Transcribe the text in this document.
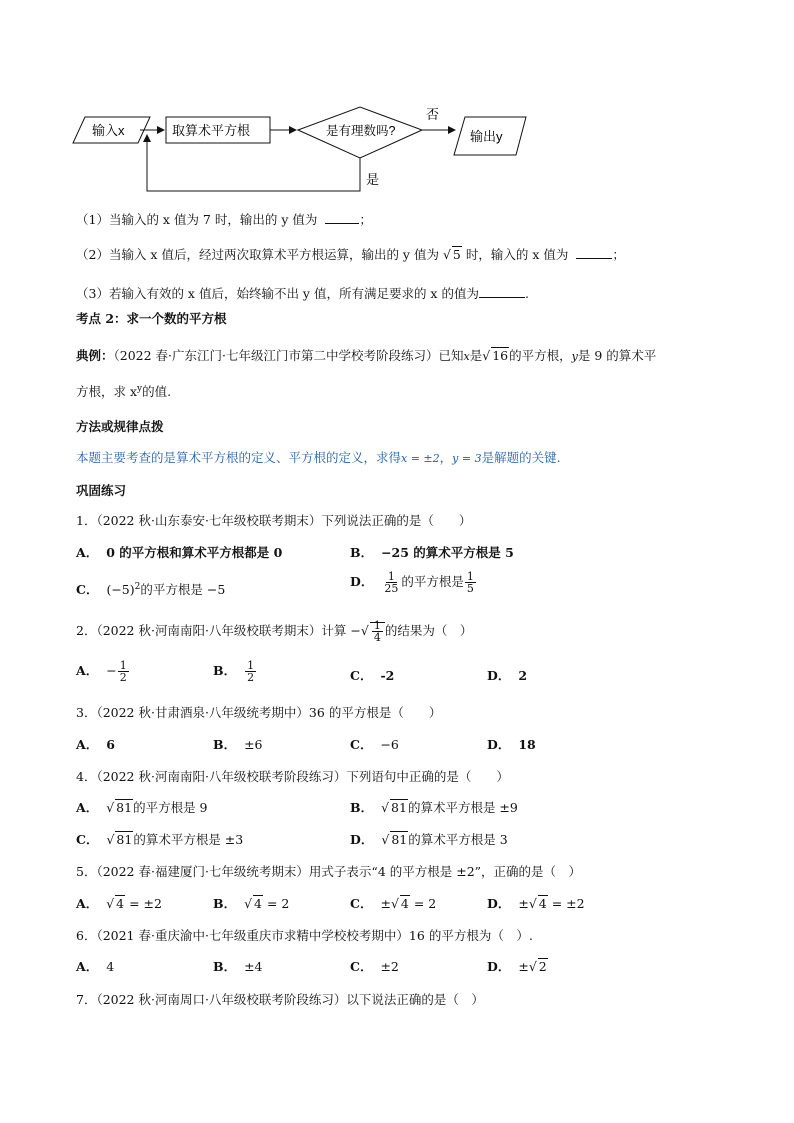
输入x	取算术平方根	是有理数吗?
否
输出y
是
（1）当输入的 x 值为 7 时，输出的 y 值为	；
（2）当输入 x 值后，经过两次取算术平方根运算，输出的 y 值为 √ 5 时，输入的 x 值为	；
（3）若输入有效的 x 值后，始终输不出 y 值，所有满足要求的 x 的值为	.
考点 2：求一个数的平方根
典例：（2022 春·广东江门·七年级江门市第二中学校考阶段练习）已知x是√ 16的平方根，y是 9 的算术平
方根，求 $x^y$的值.
方法或规律点拨
本题主要考查的是算术平方根的定义、平方根的定义，求得x = ±2，y = 3是解题的关键.
巩固练习
1．（2022 秋·山东泰安·七年级校联考期末）下列说法正确的是（　　）
A． 0 的平方根和算术平方根都是 0	B． −25 的算术平方根是 5
C． $(-5)^2$的平方根是 −5
D． $\frac{1}{25}$ 的平方根是 $\frac{1}{5}$
2．（2022 秋·河南南阳·八年级校联考期末）计算 −√ $\frac{1}{4}$ 的结果为（　）
A． − $\frac{1}{2}$	B． $\frac{1}{2}$	C． -2	D． 2
3．（2022 秋·甘肃酒泉·八年级统考期中）36 的平方根是（　　）
A． 6	B． ±6	C． −6	D． 18
4．（2022 秋·河南南阳·八年级校联考阶段练习）下列语句中正确的是（　　）
A． √ 81的平方根是 9	B． √ 81的算术平方根是 ±9
C． √ 81的算术平方根是 ±3	D． √ 81的算术平方根是 3
5．（2022 春·福建厦门·七年级统考期末）用式子表示“4 的平方根是 ±2”，正确的是（　）
A． √ 4 = ±2	B． √ 4 = 2	C． ±√ 4 = 2	D． ±√ 4 = ±2
6．（2021 春·重庆渝中·七年级重庆市求精中学校校考期中）16 的平方根为（　）.
A． 4	B． ±4	C． ±2	D． ±√ 2
7．（2022 秋·河南周口·八年级校联考阶段练习）以下说法正确的是（　）
